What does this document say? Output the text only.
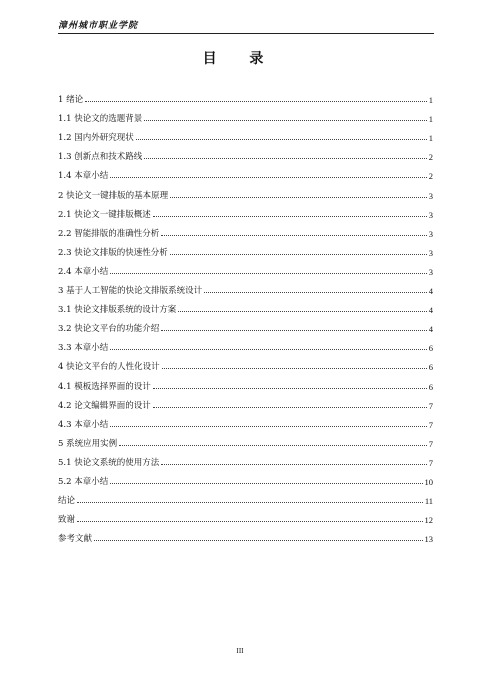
漳州城市职业学院
目 录
1 绪论	1
1.1 快论文的选题背景	1
1.2 国内外研究现状	1
1.3 创新点和技术路线	2
1.4 本章小结	2
2 快论文一键排版的基本原理	3
2.1 快论文一键排版概述	3
2.2 智能排版的准确性分析	3
2.3 快论文排版的快速性分析	3
2.4 本章小结	3
3 基于人工智能的快论文排版系统设计	4
3.1 快论文排版系统的设计方案	4
3.2 快论文平台的功能介绍	4
3.3 本章小结	6
4 快论文平台的人性化设计	6
4.1 模板选择界面的设计	6
4.2 论文编辑界面的设计	7
4.3 本章小结	7
5 系统应用实例	7
5.1 快论文系统的使用方法	7
5.2 本章小结	10
结论	11
致谢	12
参考文献	13
III
